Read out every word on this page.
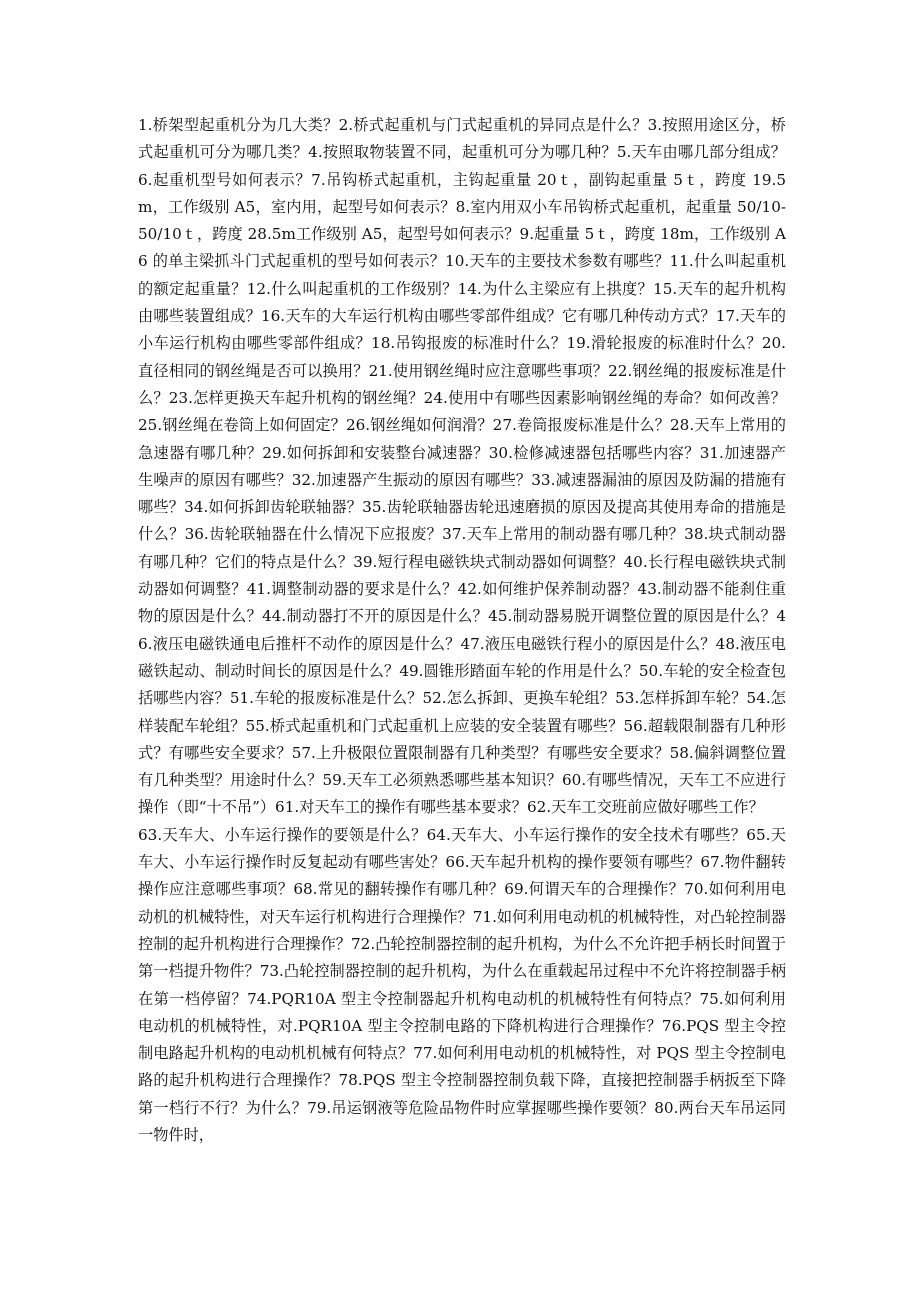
1.桥架型起重机分为几大类？2.桥式起重机与门式起重机的异同点是什么？3.按照用途区分，桥式起重机可分为哪几类？4.按照取物装置不同，起重机可分为哪几种？5.天车由哪几部分组成？6.起重机型号如何表示？7.吊钩桥式起重机，主钩起重量 20ｔ，副钩起重量 5ｔ，跨度 19.5m，工作级别 A5，室内用，起型号如何表示？8.室内用双小车吊钩桥式起重机，起重量 50/10-50/10ｔ，跨度 28.5m工作级别 A5，起型号如何表示？9.起重量 5ｔ，跨度 18m，工作级别 A6 的单主梁抓斗门式起重机的型号如何表示？10.天车的主要技术参数有哪些？11.什么叫起重机的额定起重量？12.什么叫起重机的工作级别？14.为什么主梁应有上拱度？15.天车的起升机构由哪些装置组成？16.天车的大车运行机构由哪些零部件组成？它有哪几种传动方式？17.天车的小车运行机构由哪些零部件组成？18.吊钩报废的标准时什么？19.滑轮报废的标准时什么？20.直径相同的钢丝绳是否可以换用？21.使用钢丝绳时应注意哪些事项？22.钢丝绳的报废标准是什么？23.怎样更换天车起升机构的钢丝绳？24.使用中有哪些因素影响钢丝绳的寿命？如何改善？25.钢丝绳在卷筒上如何固定？26.钢丝绳如何润滑？27.卷筒报废标准是什么？28.天车上常用的急速器有哪几种？29.如何拆卸和安装整台减速器？30.检修减速器包括哪些内容？31.加速器产生噪声的原因有哪些？32.加速器产生振动的原因有哪些？33.减速器漏油的原因及防漏的措施有哪些？34.如何拆卸齿轮联轴器？35.齿轮联轴器齿轮迅速磨损的原因及提高其使用寿命的措施是什么？36.齿轮联轴器在什么情况下应报废？37.天车上常用的制动器有哪几种？38.块式制动器有哪几种？它们的特点是什么？39.短行程电磁铁块式制动器如何调整？40.长行程电磁铁块式制动器如何调整？41.调整制动器的要求是什么？42.如何维护保养制动器？43.制动器不能刹住重物的原因是什么？44.制动器打不开的原因是什么？45.制动器易脱开调整位置的原因是什么？46.液压电磁铁通电后推杆不动作的原因是什么？47.液压电磁铁行程小的原因是什么？48.液压电磁铁起动、制动时间长的原因是什么？49.圆锥形踏面车轮的作用是什么？50.车轮的安全检查包括哪些内容？51.车轮的报废标准是什么？52.怎么拆卸、更换车轮组？53.怎样拆卸车轮？54.怎样装配车轮组？55.桥式起重机和门式起重机上应装的安全装置有哪些？56.超载限制器有几种形式？有哪些安全要求？57.上升极限位置限制器有几种类型？有哪些安全要求？58.偏斜调整位置有几种类型？用途时什么？59.天车工必须熟悉哪些基本知识？60.有哪些情况，天车工不应进行操作（即“十不吊”）61.对天车工的操作有哪些基本要求？62.天车工交班前应做好哪些工作？

63.天车大、小车运行操作的要领是什么？64.天车大、小车运行操作的安全技术有哪些？65.天车大、小车运行操作时反复起动有哪些害处？66.天车起升机构的操作要领有哪些？67.物件翻转操作应注意哪些事项？68.常见的翻转操作有哪几种？69.何谓天车的合理操作？70.如何利用电动机的机械特性，对天车运行机构进行合理操作？71.如何利用电动机的机械特性，对凸轮控制器控制的起升机构进行合理操作？72.凸轮控制器控制的起升机构，为什么不允许把手柄长时间置于第一档提升物件？73.凸轮控制器控制的起升机构，为什么在重载起吊过程中不允许将控制器手柄在第一档停留？74.PQR10A 型主令控制器起升机构电动机的机械特性有何特点？75.如何利用电动机的机械特性，对.PQR10A 型主令控制电路的下降机构进行合理操作？76.PQS 型主令控制电路起升机构的电动机机械有何特点？77.如何利用电动机的机械特性，对 PQS 型主令控制电路的起升机构进行合理操作？78.PQS 型主令控制器控制负载下降，直接把控制器手柄扳至下降第一档行不行？为什么？79.吊运钢液等危险品物件时应掌握哪些操作要领？80.两台天车吊运同一物件时，
